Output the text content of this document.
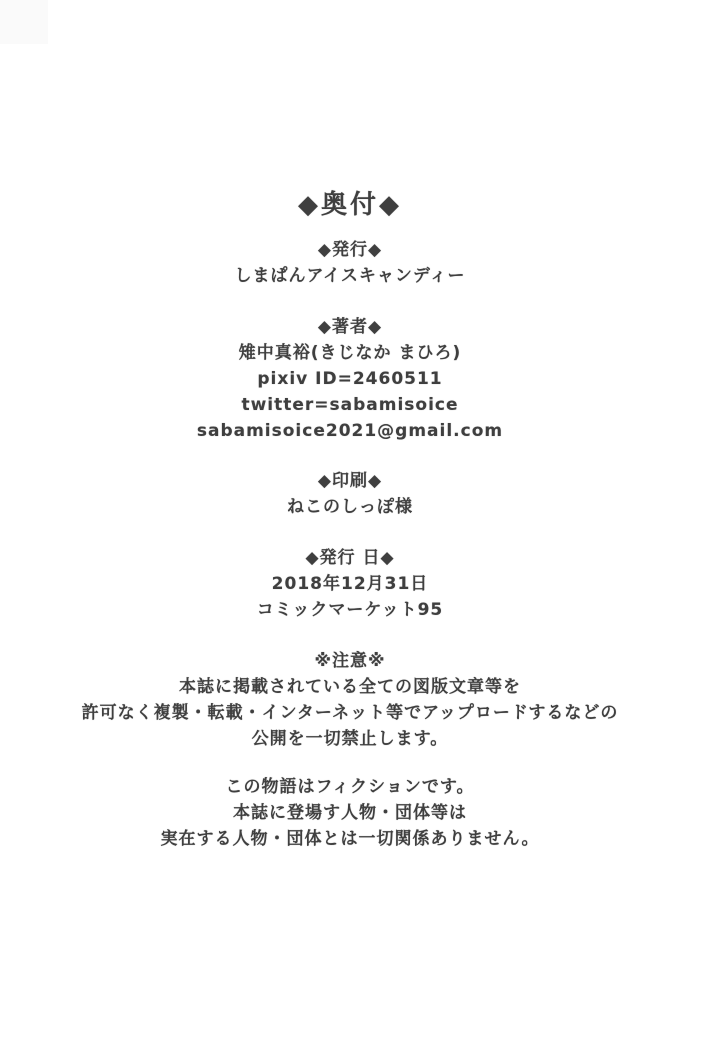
◆奥付◆
◆発行◆
しまぱんアイスキャンディー
◆著者◆
雉中真裕(きじなか まひろ)
pixiv ID=2460511
twitter=sabamisoice
sabamisoice2021@gmail.com
◆印刷◆
ねこのしっぽ様
◆発行 日◆
2018年12月31日
コミックマーケット95
※注意※
本誌に掲載されている全ての図版文章等を
許可なく複製・転載・インターネット等でアップロードするなどの
公開を一切禁止します。
この物語はフィクションです。
本誌に登場す人物・団体等は
実在する人物・団体とは一切関係ありません。
